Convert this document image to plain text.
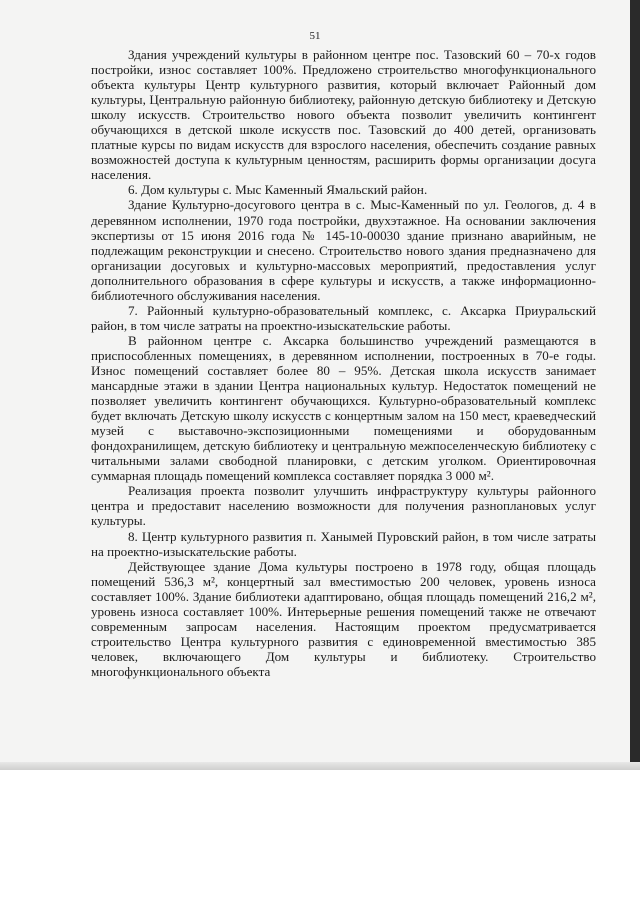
51

Здания учреждений культуры в районном центре пос. Тазовский 60 – 70-х годов постройки, износ составляет 100%. Предложено строительство многофункционального объекта культуры Центр культурного развития, который включает Районный дом культуры, Центральную районную библиотеку, районную детскую библиотеку и Детскую школу искусств. Строительство нового объекта позволит увеличить контингент обучающихся в детской школе искусств пос. Тазовский до 400 детей, организовать платные курсы по видам искусств для взрослого населения, обеспечить создание равных возможностей доступа к культурным ценностям, расширить формы организации досуга населения.

6. Дом культуры с. Мыс Каменный Ямальский район.

Здание Культурно-досугового центра в с. Мыс-Каменный по ул. Геологов, д. 4 в деревянном исполнении, 1970 года постройки, двухэтажное. На основании заключения экспертизы от 15 июня 2016 года № 145-10-00030 здание признано аварийным, не подлежащим реконструкции и снесено. Строительство нового здания предназначено для организации досуговых и культурно-массовых мероприятий, предоставления услуг дополнительного образования в сфере культуры и искусств, а также информационно-библиотечного обслуживания населения.

7. Районный культурно-образовательный комплекс, с. Аксарка Приуральский район, в том числе затраты на проектно-изыскательские работы.

В районном центре с. Аксарка большинство учреждений размещаются в приспособленных помещениях, в деревянном исполнении, построенных в 70-е годы. Износ помещений составляет более 80 – 95%. Детская школа искусств занимает мансардные этажи в здании Центра национальных культур. Недостаток помещений не позволяет увеличить контингент обучающихся. Культурно-образовательный комплекс будет включать Детскую школу искусств с концертным залом на 150 мест, краеведческий музей с выставочно-экспозиционными помещениями и оборудованным фондохранилищем, детскую библиотеку и центральную межпоселенческую библиотеку с читальными залами свободной планировки, с детским уголком. Ориентировочная суммарная площадь помещений комплекса составляет порядка 3 000 м².

Реализация проекта позволит улучшить инфраструктуру культуры районного центра и предоставит населению возможности для получения разноплановых услуг культуры.

8. Центр культурного развития п. Ханымей Пуровский район, в том числе затраты на проектно-изыскательские работы.

Действующее здание Дома культуры построено в 1978 году, общая площадь помещений 536,3 м², концертный зал вместимостью 200 человек, уровень износа составляет 100%. Здание библиотеки адаптировано, общая площадь помещений 216,2 м², уровень износа составляет 100%. Интерьерные решения помещений также не отвечают современным запросам населения. Настоящим проектом предусматривается строительство Центра культурного развития с единовременной вместимостью 385 человек, включающего Дом культуры и библиотеку. Строительство многофункционального объекта
